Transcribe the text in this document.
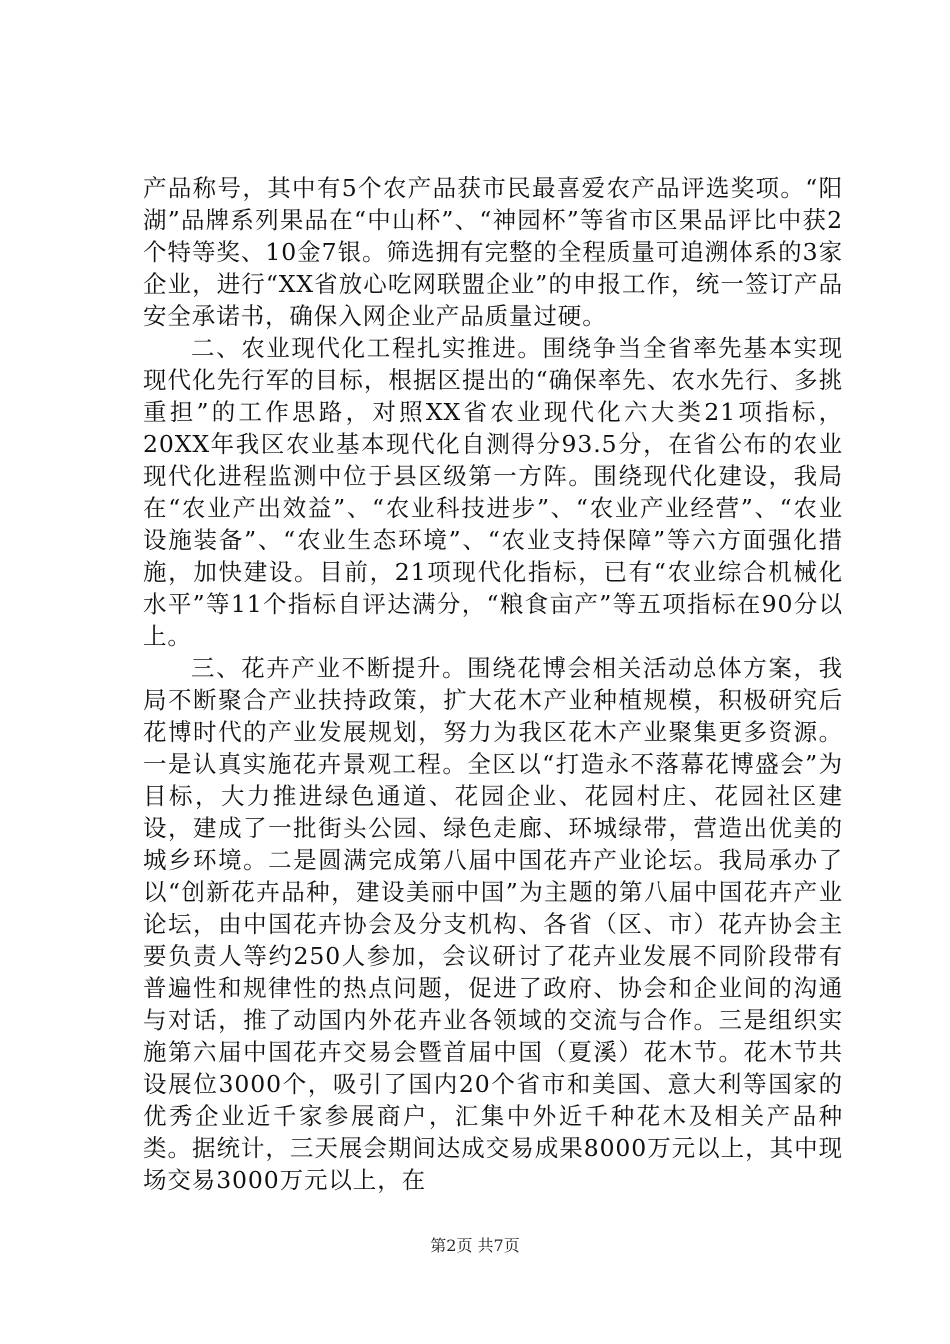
产品称号，其中有5个农产品获市民最喜爱农产品评选奖项。“阳湖”品牌系列果品在“中山杯”、“神园杯”等省市区果品评比中获2个特等奖、10金7银。筛选拥有完整的全程质量可追溯体系的3家企业，进行“XX省放心吃网联盟企业”的申报工作，统一签订产品安全承诺书，确保入网企业产品质量过硬。

二、农业现代化工程扎实推进。围绕争当全省率先基本实现现代化先行军的目标，根据区提出的“确保率先、农水先行、多挑重担”的工作思路，对照XX省农业现代化六大类21项指标，20XX年我区农业基本现代化自测得分93.5分，在省公布的农业现代化进程监测中位于县区级第一方阵。围绕现代化建设，我局在“农业产出效益”、“农业科技进步”、“农业产业经营”、“农业设施装备”、“农业生态环境”、“农业支持保障”等六方面强化措施，加快建设。目前，21项现代化指标，已有“农业综合机械化水平”等11个指标自评达满分，“粮食亩产”等五项指标在90分以上。

三、花卉产业不断提升。围绕花博会相关活动总体方案，我局不断聚合产业扶持政策，扩大花木产业种植规模，积极研究后花博时代的产业发展规划，努力为我区花木产业聚集更多资源。一是认真实施花卉景观工程。全区以“打造永不落幕花博盛会”为目标，大力推进绿色通道、花园企业、花园村庄、花园社区建设，建成了一批街头公园、绿色走廊、环城绿带，营造出优美的城乡环境。二是圆满完成第八届中国花卉产业论坛。我局承办了以“创新花卉品种，建设美丽中国”为主题的第八届中国花卉产业论坛，由中国花卉协会及分支机构、各省（区、市）花卉协会主要负责人等约250人参加，会议研讨了花卉业发展不同阶段带有普遍性和规律性的热点问题，促进了政府、协会和企业间的沟通与对话，推了动国内外花卉业各领域的交流与合作。三是组织实施第六届中国花卉交易会暨首届中国（夏溪）花木节。花木节共设展位3000个，吸引了国内20个省市和美国、意大利等国家的优秀企业近千家参展商户，汇集中外近千种花木及相关产品种类。据统计，三天展会期间达成交易成果8000万元以上，其中现场交易3000万元以上，在

第2页 共7页
